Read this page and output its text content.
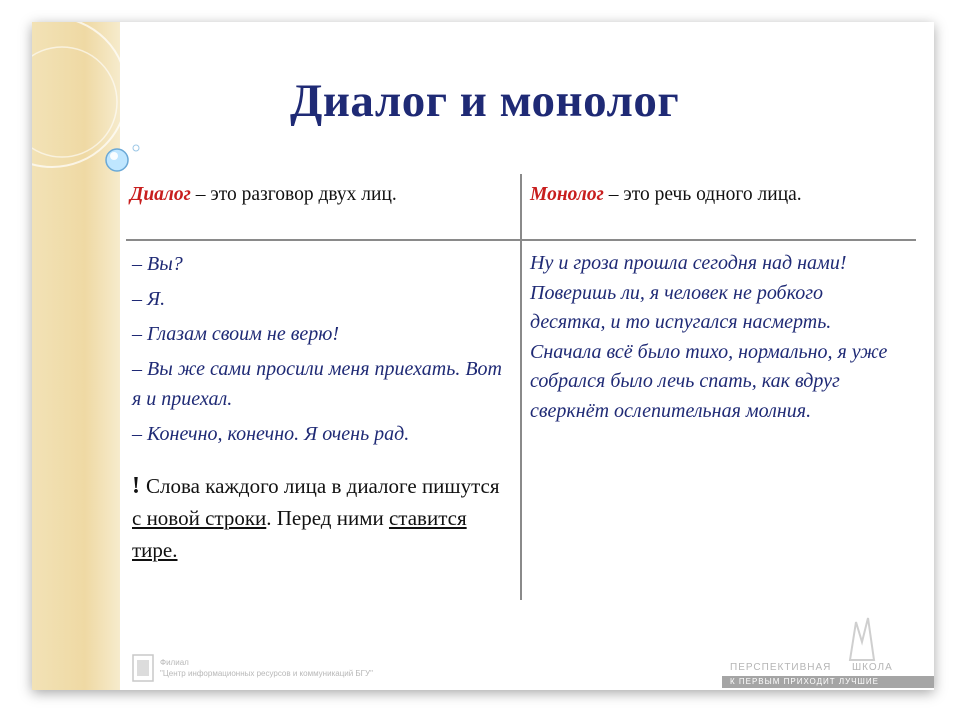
Диалог и монолог
Диалог – это разговор двух лиц.	Монолог – это речь одного лица.
– Вы?
– Я.
– Глазам своим не верю!
– Вы же сами просили меня приехать. Вот я и приехал.
– Конечно, конечно. Я очень рад.
Ну и гроза прошла сегодня над нами! Поверишь ли, я человек не робкого десятка, и то испугался насмерть. Сначала всё было тихо, нормально, я уже собрался было лечь спать, как вдруг сверкнёт ослепительная молния.
! Слова каждого лица в диалоге пишутся с новой строки. Перед ними ставится тире.
Филиал
"Центр информационных ресурсов и коммуникаций БГУ"
ПЕРСПЕКТИВНАЯ ШКОЛА
К ПЕРВЫМ ПРИХОДИТ ЛУЧШИЕ
